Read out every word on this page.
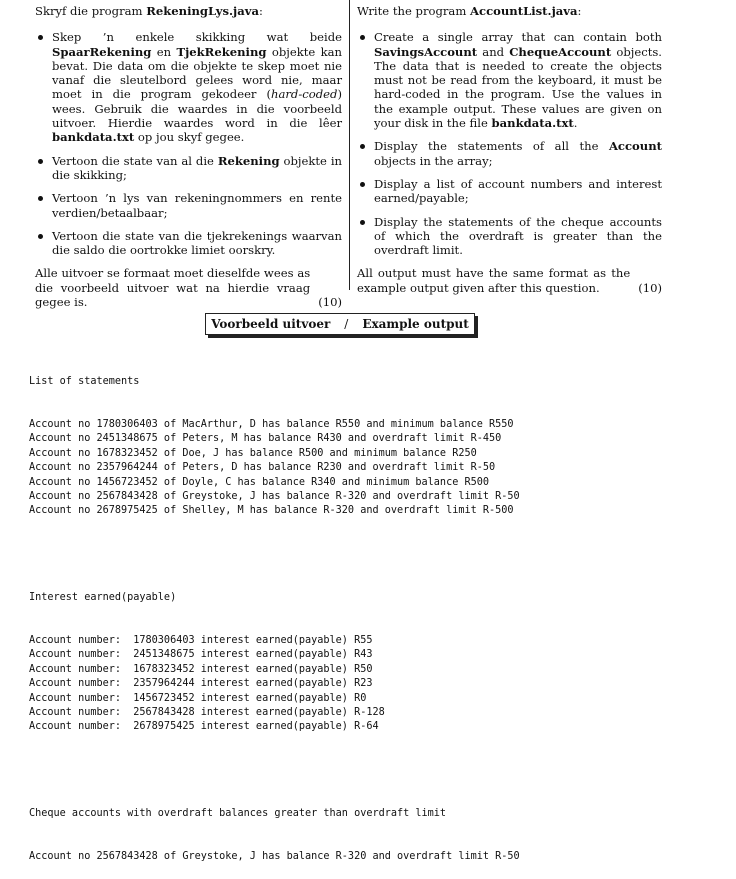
Skryf die program RekeningLys.java:
Skep ’n enkele skikking wat beide SpaarRekening en TjekRekening objekte kan bevat. Die data om die objekte te skep moet nie vanaf die sleutelbord gelees word nie, maar moet in die program gekodeer (hard-coded) wees. Gebruik die waardes in die voorbeeld uitvoer. Hierdie waardes word in die lêer bankdata.txt op jou skyf gegee.
Vertoon die state van al die Rekening objekte in die skikking;
Vertoon ’n lys van rekeningnommers en rente verdien/betaalbaar;
Vertoon die state van die tjekrekenings waarvan die saldo die oortrokke limiet oorskry.
Alle uitvoer se formaat moet dieselfde wees as die voorbeeld uitvoer wat na hierdie vraag gegee is.	(10)
Write the program AccountList.java:
Create a single array that can contain both SavingsAccount and ChequeAccount objects. The data that is needed to create the objects must not be read from the keyboard, it must be hard-coded in the program. Use the values in the example output. These values are given on your disk in the file bankdata.txt.
Display the statements of all the Account objects in the array;
Display a list of account numbers and interest earned/payable;
Display the statements of the cheque accounts of which the overdraft is greater than the overdraft limit.
All output must have the same format as the example output given after this question.	(10)
Voorbeeld uitvoer / Example output

List of statements

Account no 1780306403 of MacArthur, D has balance R550 and minimum balance R550
Account no 2451348675 of Peters, M has balance R430 and overdraft limit R-450
Account no 1678323452 of Doe, J has balance R500 and minimum balance R250
Account no 2357964244 of Peters, D has balance R230 and overdraft limit R-50
Account no 1456723452 of Doyle, C has balance R340 and minimum balance R500
Account no 2567843428 of Greystoke, J has balance R-320 and overdraft limit R-50
Account no 2678975425 of Shelley, M has balance R-320 and overdraft limit R-500

Interest earned(payable)

Account number:  1780306403 interest earned(payable) R55
Account number:  2451348675 interest earned(payable) R43
Account number:  1678323452 interest earned(payable) R50
Account number:  2357964244 interest earned(payable) R23
Account number:  1456723452 interest earned(payable) R0
Account number:  2567843428 interest earned(payable) R-128
Account number:  2678975425 interest earned(payable) R-64

Cheque accounts with overdraft balances greater than overdraft limit

Account no 2567843428 of Greystoke, J has balance R-320 and overdraft limit R-50
